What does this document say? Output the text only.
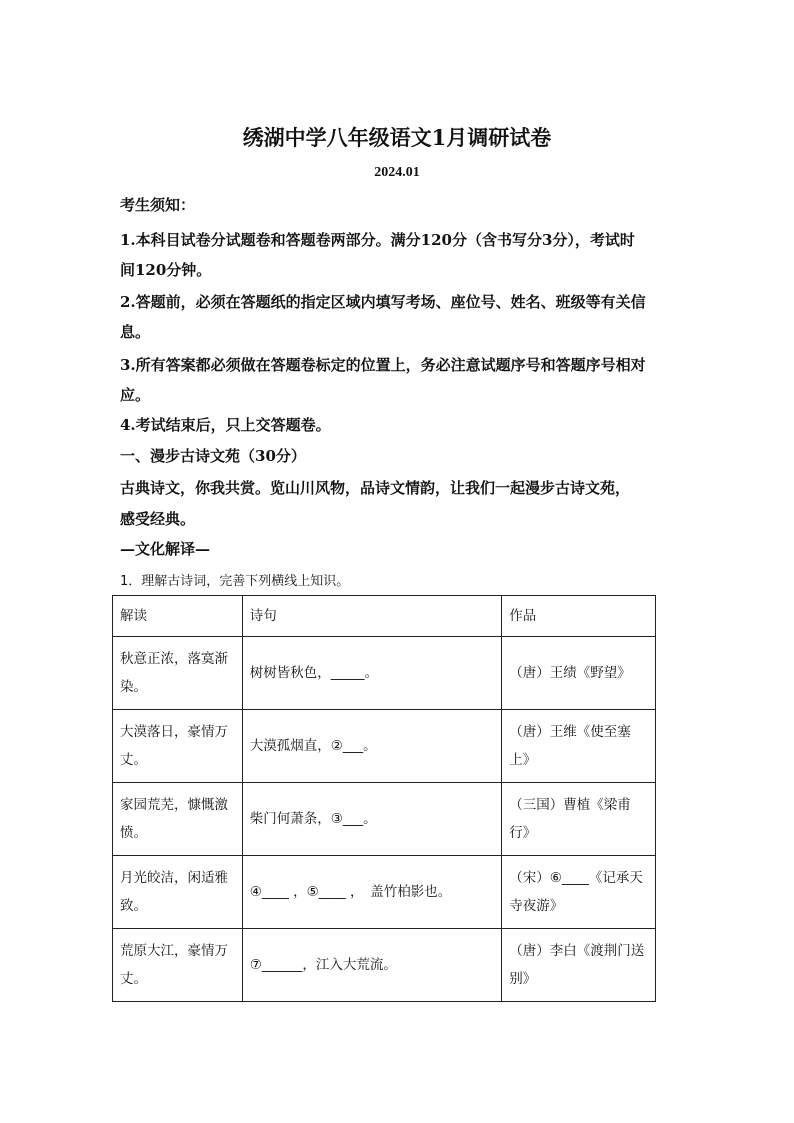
绣湖中学八年级语文1月调研试卷
2024.01
考生须知：
1.本科目试卷分试题卷和答题卷两部分。满分120分（含书写分3分），考试时
间120分钟。
2.答题前，必须在答题纸的指定区域内填写考场、座位号、姓名、班级等有关信
息。
3.所有答案都必须做在答题卷标定的位置上，务必注意试题序号和答题序号相对
应。
4.考试结束后，只上交答题卷。
一、漫步古诗文苑（30分）
古典诗文，你我共赏。览山川风物，品诗文情韵，让我们一起漫步古诗文苑，
感受经典。
—文化解译—
1．理解古诗词，完善下列横线上知识。
解读	诗句	作品
秋意正浓，落寞渐染。	树树皆秋色，_____。	（唐）王绩《野望》
大漠落日，豪情万丈。	大漠孤烟直，②___。	（唐）王维《使至塞上》
家园荒芜，慷慨激愤。	柴门何萧条，③___。	（三国）曹植《梁甫行》
月光皎洁，闲适雅致。	④____ ，⑤____ ，　盖竹柏影也。	（宋）⑥____《记承天寺夜游》
荒原大江，豪情万丈。	⑦______，江入大荒流。	（唐）李白《渡荆门送别》
